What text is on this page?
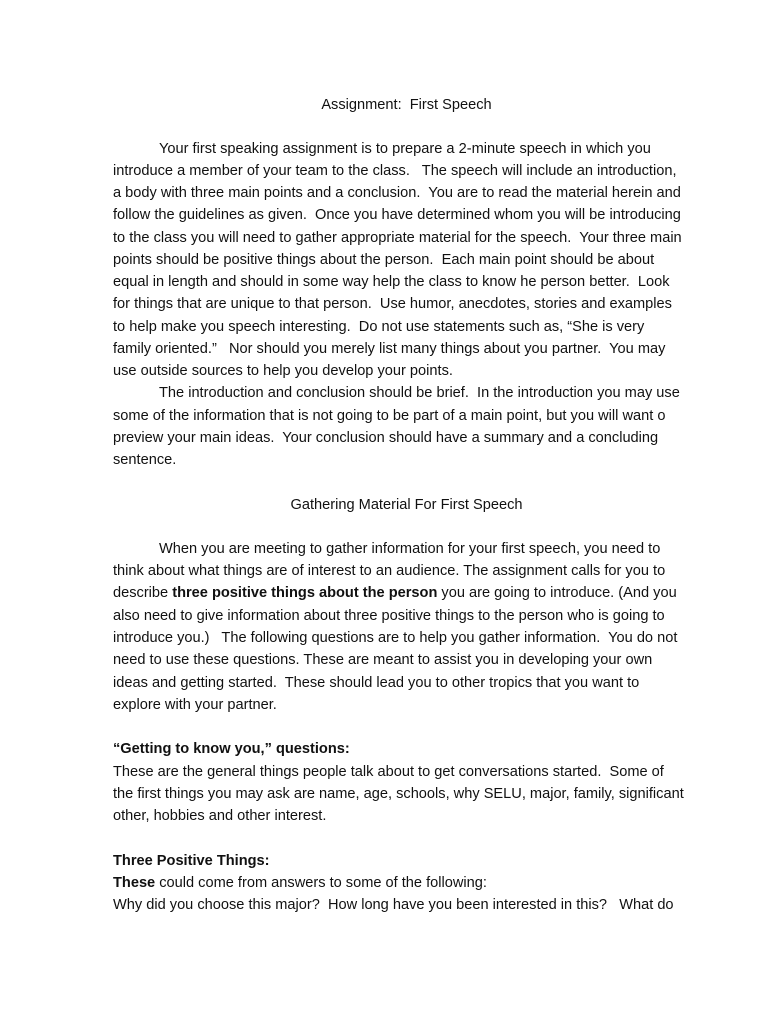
Assignment:  First Speech

Your first speaking assignment is to prepare a 2-minute speech in which you

introduce a member of your team to the class.   The speech will include an introduction,

a body with three main points and a conclusion.  You are to read the material herein and

follow the guidelines as given.  Once you have determined whom you will be introducing

to the class you will need to gather appropriate material for the speech.  Your three main

points should be positive things about the person.  Each main point should be about

equal in length and should in some way help the class to know he person better.  Look

for things that are unique to that person.  Use humor, anecdotes, stories and examples

to help make you speech interesting.  Do not use statements such as, “She is very

family oriented.”   Nor should you merely list many things about you partner.  You may

use outside sources to help you develop your points.

The introduction and conclusion should be brief.  In the introduction you may use

some of the information that is not going to be part of a main point, but you will want o

preview your main ideas.  Your conclusion should have a summary and a concluding

sentence.

Gathering Material For First Speech

When you are meeting to gather information for your first speech, you need to

think about what things are of interest to an audience. The assignment calls for you to

describe three positive things about the person you are going to introduce. (And you

also need to give information about three positive things to the person who is going to

introduce you.)   The following questions are to help you gather information.  You do not

need to use these questions. These are meant to assist you in developing your own

ideas and getting started.  These should lead you to other tropics that you want to

explore with your partner.

“Getting to know you,” questions:

These are the general things people talk about to get conversations started.  Some of

the first things you may ask are name, age, schools, why SELU, major, family, significant

other, hobbies and other interest.

Three Positive Things:

These could come from answers to some of the following:

Why did you choose this major?  How long have you been interested in this?   What do
